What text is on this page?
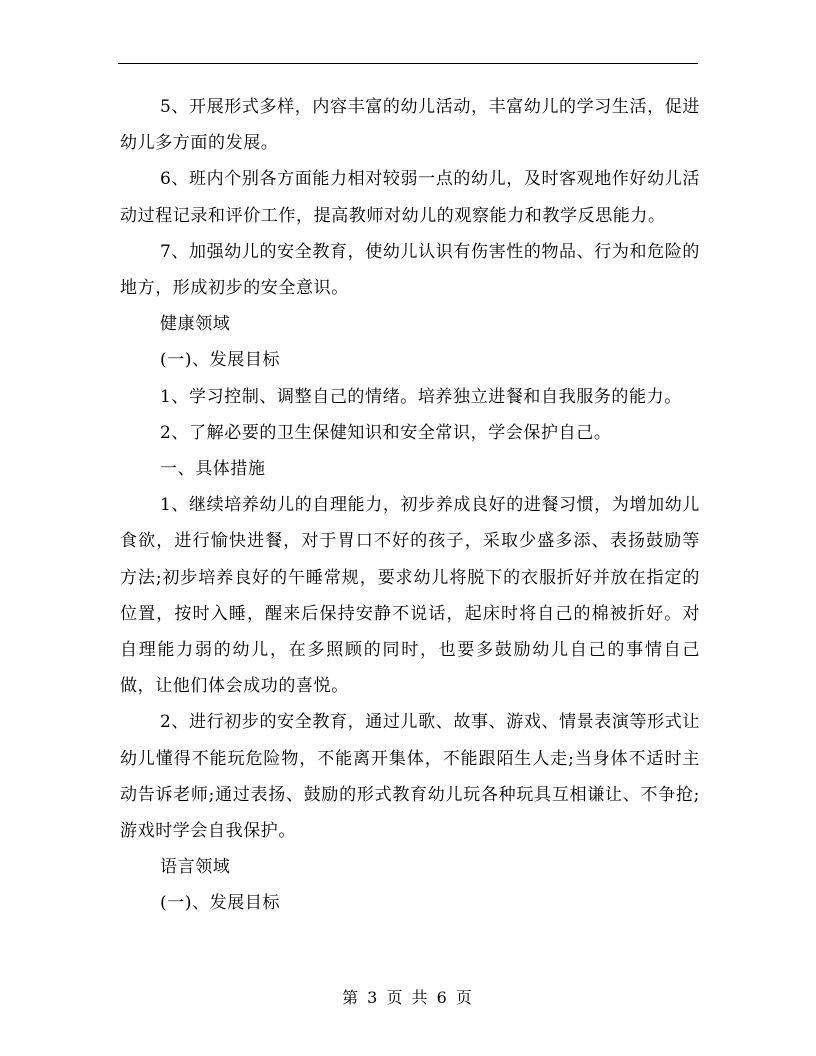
5、开展形式多样，内容丰富的幼儿活动，丰富幼儿的学习生活，促进幼儿多方面的发展。

6、班内个别各方面能力相对较弱一点的幼儿，及时客观地作好幼儿活动过程记录和评价工作，提高教师对幼儿的观察能力和教学反思能力。

7、加强幼儿的安全教育，使幼儿认识有伤害性的物品、行为和危险的地方，形成初步的安全意识。

健康领域

(一)、发展目标

1、学习控制、调整自己的情绪。培养独立进餐和自我服务的能力。

2、了解必要的卫生保健知识和安全常识，学会保护自己。

一、具体措施

1、继续培养幼儿的自理能力，初步养成良好的进餐习惯，为增加幼儿食欲，进行愉快进餐，对于胃口不好的孩子，采取少盛多添、表扬鼓励等方法;初步培养良好的午睡常规，要求幼儿将脱下的衣服折好并放在指定的位置，按时入睡，醒来后保持安静不说话，起床时将自己的棉被折好。对自理能力弱的幼儿，在多照顾的同时，也要多鼓励幼儿自己的事情自己做，让他们体会成功的喜悦。

2、进行初步的安全教育，通过儿歌、故事、游戏、情景表演等形式让幼儿懂得不能玩危险物，不能离开集体，不能跟陌生人走;当身体不适时主动告诉老师;通过表扬、鼓励的形式教育幼儿玩各种玩具互相谦让、不争抢;游戏时学会自我保护。

语言领域

(一)、发展目标

第 3 页 共 6 页
